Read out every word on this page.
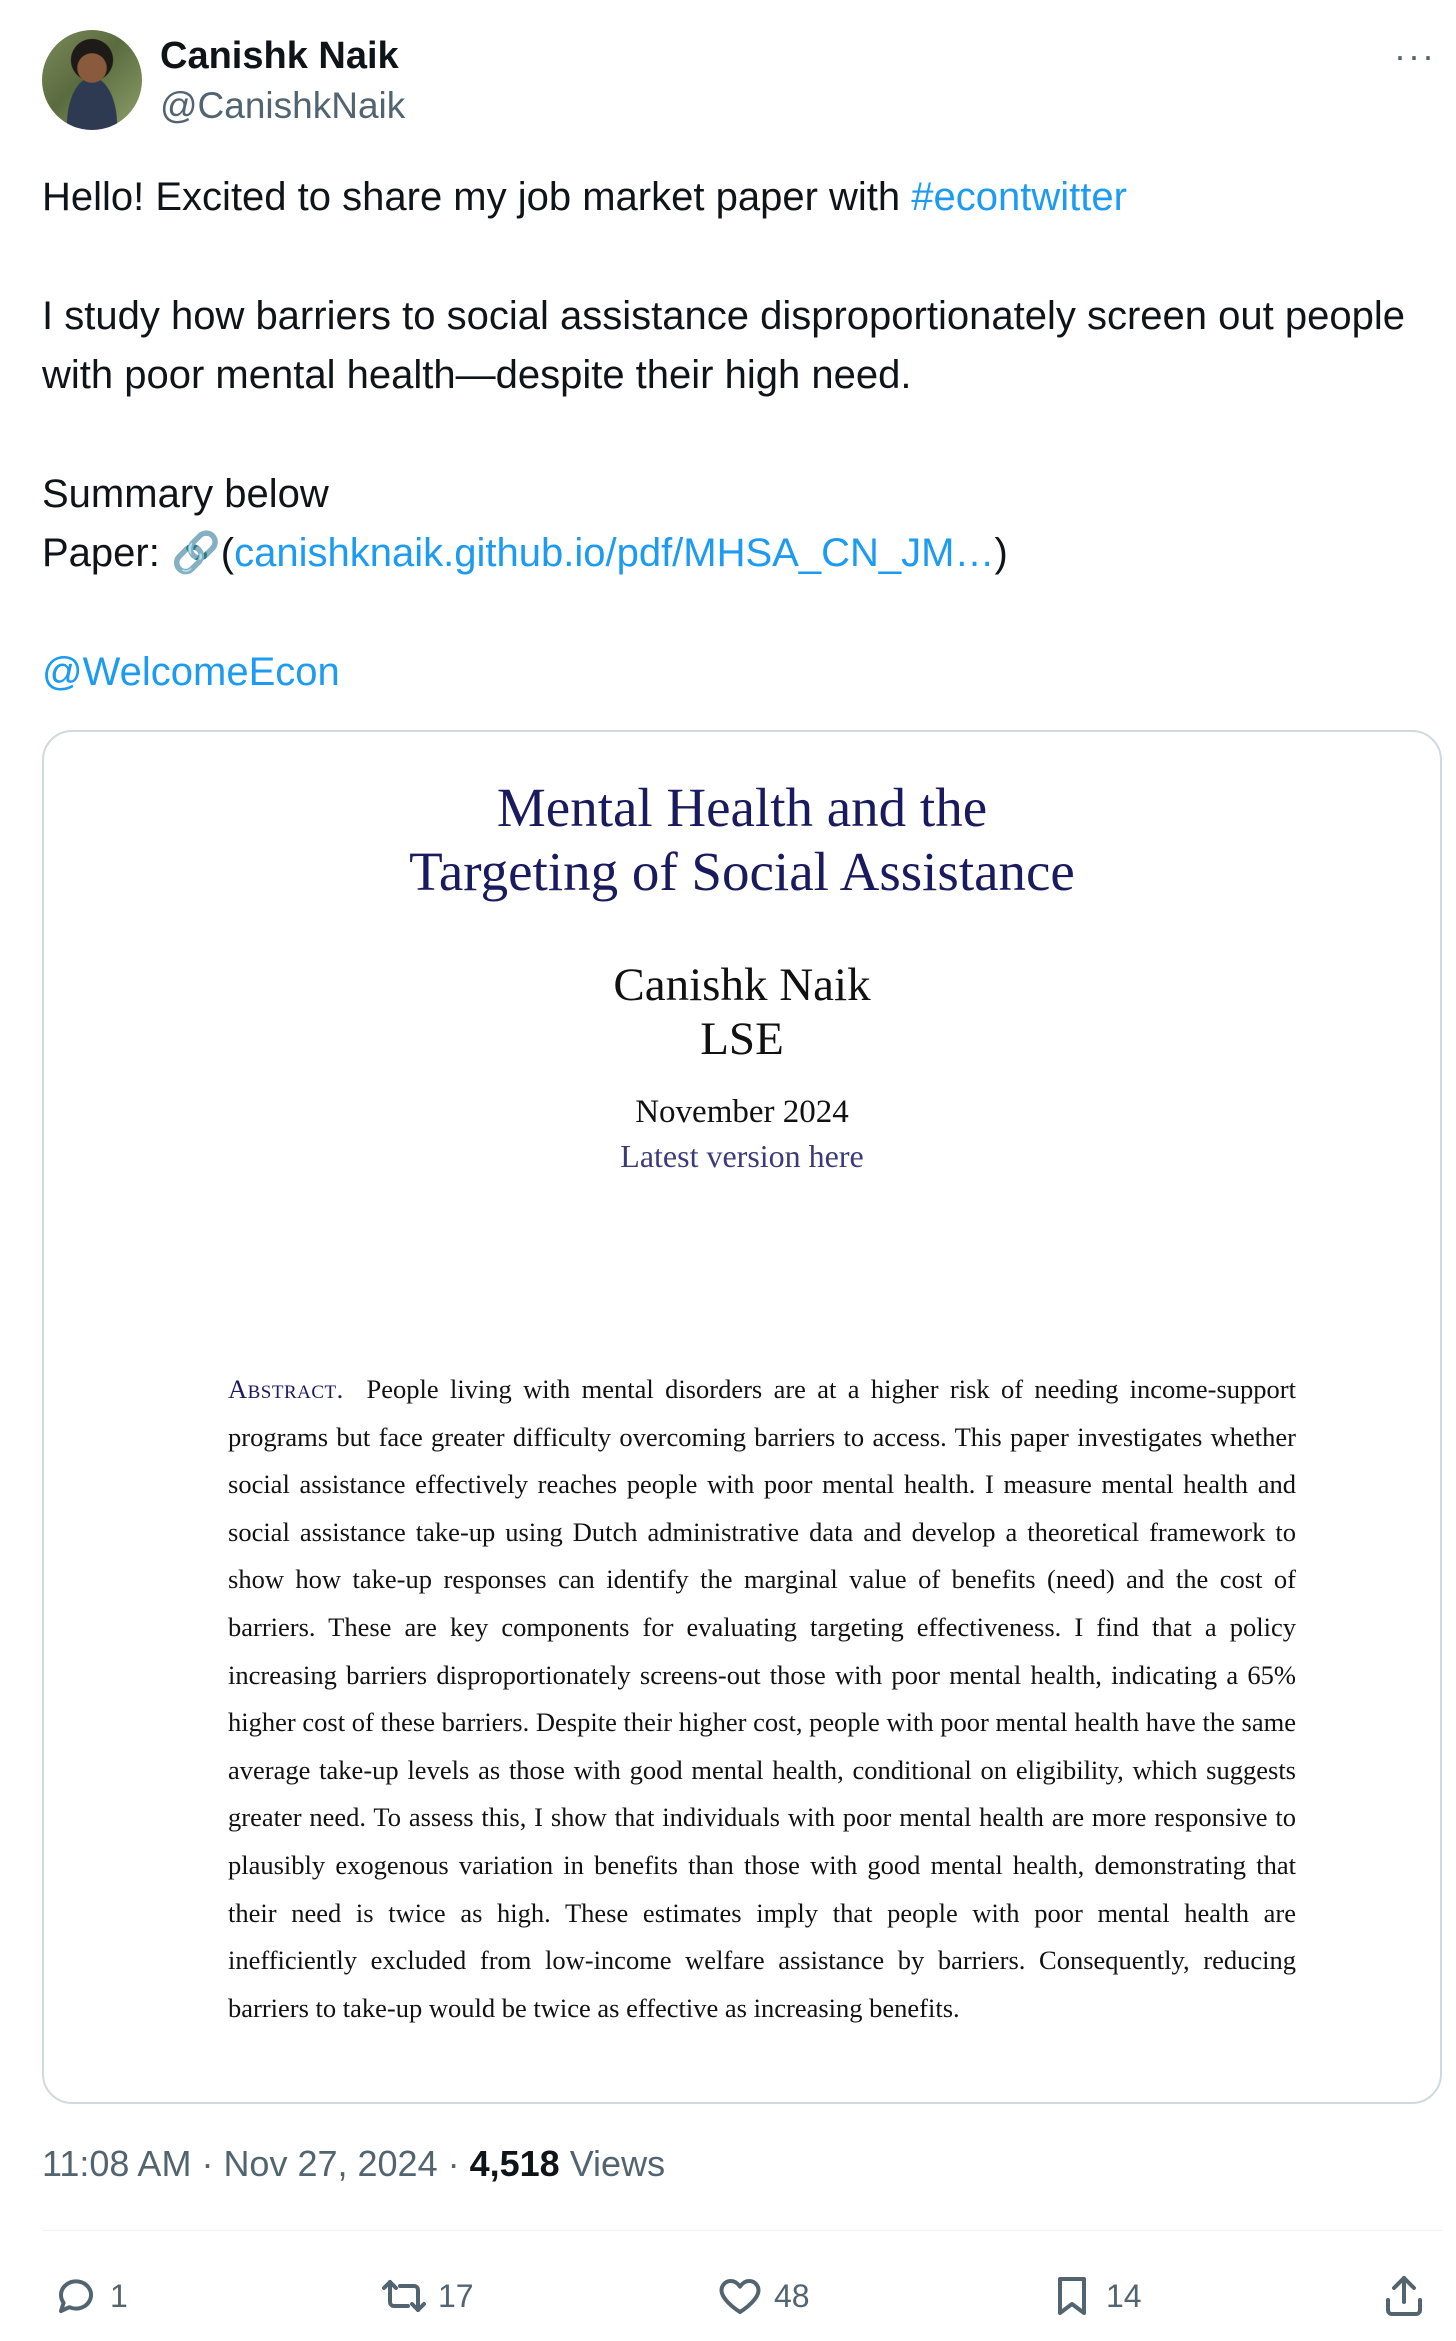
Canishk Naik
@CanishkNaik
···

Hello! Excited to share my job market paper with #econtwitter

I study how barriers to social assistance disproportionately screen out people with poor mental health—despite their high need.

Summary below

Paper: 🔗(canishknaik.github.io/pdf/MHSA_CN_JM…)

@WelcomeEcon

Mental Health and the
Targeting of Social Assistance
Canishk Naik
LSE
November 2024
Latest version here
Abstract. People living with mental disorders are at a higher risk of needing income-support programs but face greater difficulty overcoming barriers to access. This paper investigates whether social assistance effectively reaches people with poor mental health. I measure mental health and social assistance take-up using Dutch administrative data and develop a theoretical framework to show how take-up responses can identify the marginal value of benefits (need) and the cost of barriers. These are key components for evaluating targeting effectiveness. I find that a policy increasing barriers disproportionately screens-out those with poor mental health, indicating a 65% higher cost of these barriers. Despite their higher cost, people with poor mental health have the same average take-up levels as those with good mental health, conditional on eligibility, which suggests greater need. To assess this, I show that individuals with poor mental health are more responsive to plausibly exogenous variation in benefits than those with good mental health, demonstrating that their need is twice as high. These estimates imply that people with poor mental health are inefficiently excluded from low-income welfare assistance by barriers. Consequently, reducing barriers to take-up would be twice as effective as increasing benefits.
11:08 AM · Nov 27, 2024 · 4,518 Views
1	17	48	14
